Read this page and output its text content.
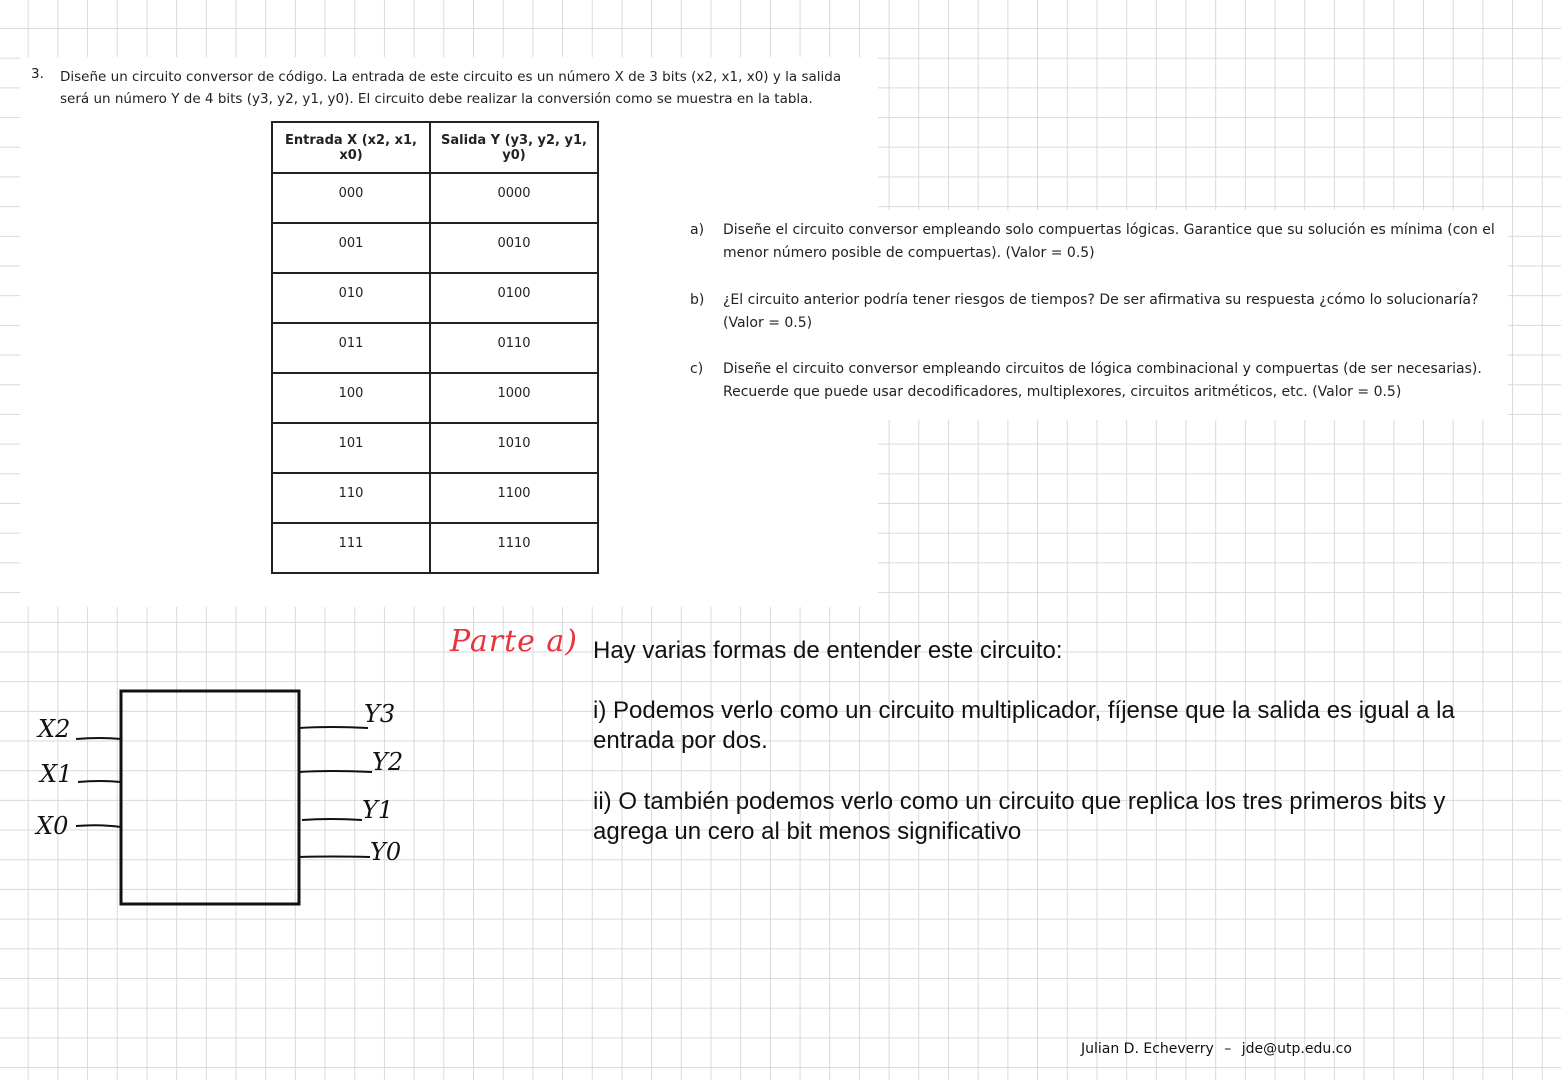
3. Diseñe un circuito conversor de código. La entrada de este circuito es un número X de 3 bits (x2, x1, x0) y la salida será un número Y de 4 bits (y3, y2, y1, y0). El circuito debe realizar la conversión como se muestra en la tabla.
Entrada X (x2, x1, x0)	Salida Y (y3, y2, y1, y0)
000	0000
001	0010
010	0100
011	0110
100	1000
101	1010
110	1100
111	1110
a) Diseñe el circuito conversor empleando solo compuertas lógicas. Garantice que su solución es mínima (con el menor número posible de compuertas). (Valor = 0.5)
b) ¿El circuito anterior podría tener riesgos de tiempos? De ser afirmativa su respuesta ¿cómo lo solucionaría? (Valor = 0.5)
c) Diseñe el circuito conversor empleando circuitos de lógica combinacional y compuertas (de ser necesarias). Recuerde que puede usar decodificadores, multiplexores, circuitos aritméticos, etc. (Valor = 0.5)
Parte a) Hay varias formas de entender este circuito:
i) Podemos verlo como un circuito multiplicador, fíjense que la salida es igual a la entrada por dos.
ii) O también podemos verlo como un circuito que replica los tres primeros bits y agrega un cero al bit menos significativo
X2
X1
X0
Y3
Y2
Y1
Y0
Julian D. Echeverry – jde@utp.edu.co
